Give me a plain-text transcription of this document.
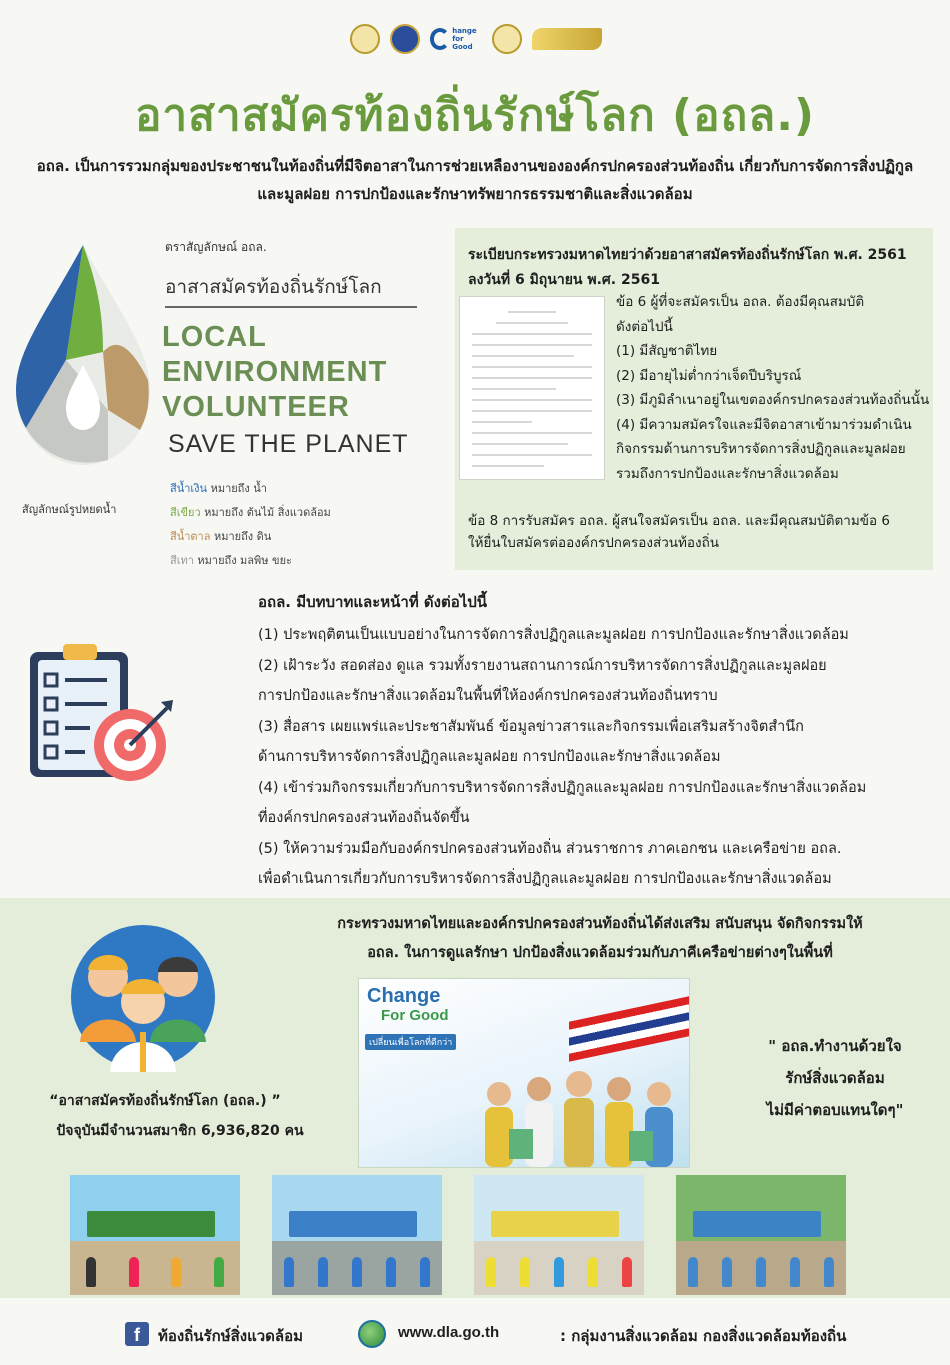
hange
for Good
อาสาสมัครท้องถิ่นรักษ์โลก (อถล.)
อถล. เป็นการรวมกลุ่มของประชาชนในท้องถิ่นที่มีจิตอาสาในการช่วยเหลืองานขององค์กรปกครองส่วนท้องถิ่น เกี่ยวกับการจัดการสิ่งปฏิกูลและมูลฝอย การปกป้องและรักษาทรัพยากรธรรมชาติและสิ่งแวดล้อม
สัญลักษณ์รูปหยดน้ำ
ตราสัญลักษณ์ อถล.
อาสาสมัครท้องถิ่นรักษ์โลก
LOCAL
ENVIRONMENT
VOLUNTEER
SAVE THE PLANET
สีน้ำเงิน หมายถึง น้ำ
สีเขียว หมายถึง ต้นไม้ สิ่งแวดล้อม
สีน้ำตาล หมายถึง ดิน
สีเทา หมายถึง มลพิษ ขยะ
ระเบียบกระทรวงมหาดไทยว่าด้วยอาสาสมัครท้องถิ่นรักษ์โลก พ.ศ. 2561
ลงวันที่ 6 มิถุนายน พ.ศ. 2561
ข้อ 6 ผู้ที่จะสมัครเป็น อถล. ต้องมีคุณสมบัติ
ดังต่อไปนี้
(1) มีสัญชาติไทย
(2) มีอายุไม่ต่ำกว่าเจ็ดปีบริบูรณ์
(3) มีภูมิลำเนาอยู่ในเขตองค์กรปกครองส่วนท้องถิ่นนั้น
(4) มีความสมัครใจและมีจิตอาสาเข้ามาร่วมดำเนิน
กิจกรรมด้านการบริหารจัดการสิ่งปฏิกูลและมูลฝอย
รวมถึงการปกป้องและรักษาสิ่งแวดล้อม
ข้อ 8 การรับสมัคร อถล. ผู้สนใจสมัครเป็น อถล. และมีคุณสมบัติตามข้อ 6
ให้ยื่นใบสมัครต่อองค์กรปกครองส่วนท้องถิ่น
อถล. มีบทบาทและหน้าที่ ดังต่อไปนี้
(1) ประพฤติตนเป็นแบบอย่างในการจัดการสิ่งปฏิกูลและมูลฝอย การปกป้องและรักษาสิ่งแวดล้อม
(2) เฝ้าระวัง สอดส่อง ดูแล รวมทั้งรายงานสถานการณ์การบริหารจัดการสิ่งปฏิกูลและมูลฝอย
การปกป้องและรักษาสิ่งแวดล้อมในพื้นที่ให้องค์กรปกครองส่วนท้องถิ่นทราบ
(3) สื่อสาร เผยแพร่และประชาสัมพันธ์ ข้อมูลข่าวสารและกิจกรรมเพื่อเสริมสร้างจิตสำนึก
ด้านการบริหารจัดการสิ่งปฏิกูลและมูลฝอย การปกป้องและรักษาสิ่งแวดล้อม
(4) เข้าร่วมกิจกรรมเกี่ยวกับการบริหารจัดการสิ่งปฏิกูลและมูลฝอย การปกป้องและรักษาสิ่งแวดล้อม
ที่องค์กรปกครองส่วนท้องถิ่นจัดขึ้น
(5) ให้ความร่วมมือกับองค์กรปกครองส่วนท้องถิ่น ส่วนราชการ ภาคเอกชน และเครือข่าย อถล.
เพื่อดำเนินการเกี่ยวกับการบริหารจัดการสิ่งปฏิกูลและมูลฝอย การปกป้องและรักษาสิ่งแวดล้อม
กระทรวงมหาดไทยและองค์กรปกครองส่วนท้องถิ่นได้ส่งเสริม สนับสนุน จัดกิจกรรมให้
อถล. ในการดูแลรักษา ปกป้องสิ่งแวดล้อมร่วมกับภาคีเครือข่ายต่างๆในพื้นที่
“อาสาสมัครท้องถิ่นรักษ์โลก (อถล.) ”
ปัจจุบันมีจำนวนสมาชิก 6,936,820 คน
Change
For Good
เปลี่ยนเพื่อโลกที่ดีกว่า	" อถล.ทำงานด้วยใจ
รักษ์สิ่งแวดล้อม
ไม่มีค่าตอบแทนใดๆ"
f	ท้องถิ่นรักษ์สิ่งแวดล้อม	www.dla.go.th	: กลุ่มงานสิ่งแวดล้อม กองสิ่งแวดล้อมท้องถิ่น
